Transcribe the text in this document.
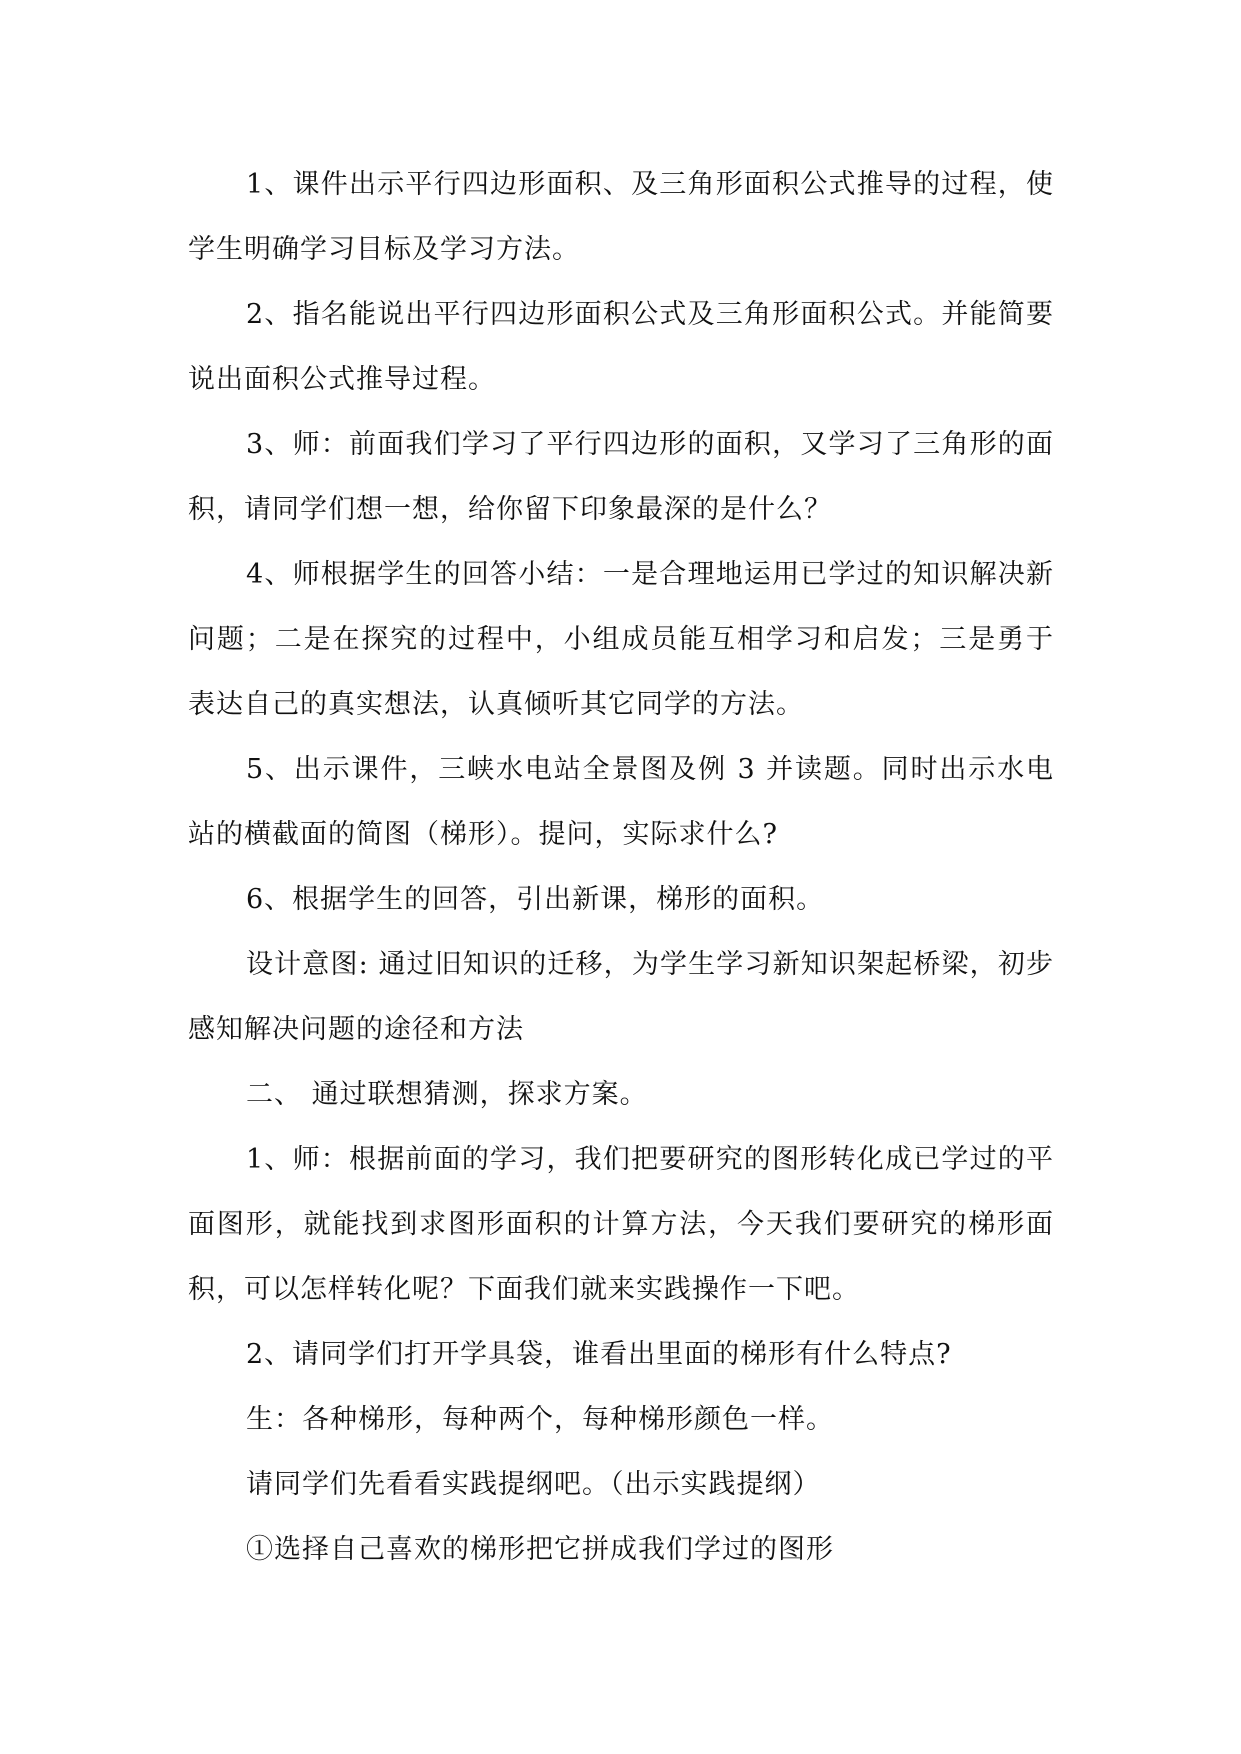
1、课件出示平行四边形面积、及三角形面积公式推导的过程，使学生明确学习目标及学习方法。

2、指名能说出平行四边形面积公式及三角形面积公式。并能简要说出面积公式推导过程。

3、师：前面我们学习了平行四边形的面积，又学习了三角形的面积，请同学们想一想，给你留下印象最深的是什么？

4、师根据学生的回答小结：一是合理地运用已学过的知识解决新问题；二是在探究的过程中，小组成员能互相学习和启发；三是勇于表达自己的真实想法，认真倾听其它同学的方法。

5、出示课件，三峡水电站全景图及例 3 并读题。同时出示水电站的横截面的简图（梯形）。提问，实际求什么?

6、根据学生的回答，引出新课，梯形的面积。

设计意图: 通过旧知识的迁移，为学生学习新知识架起桥梁，初步感知解决问题的途径和方法

二、 通过联想猜测，探求方案。

1、师：根据前面的学习，我们把要研究的图形转化成已学过的平面图形，就能找到求图形面积的计算方法，今天我们要研究的梯形面积，可以怎样转化呢？下面我们就来实践操作一下吧。

2、请同学们打开学具袋，谁看出里面的梯形有什么特点?

生：各种梯形，每种两个，每种梯形颜色一样。

请同学们先看看实践提纲吧。（出示实践提纲）

①选择自己喜欢的梯形把它拼成我们学过的图形
